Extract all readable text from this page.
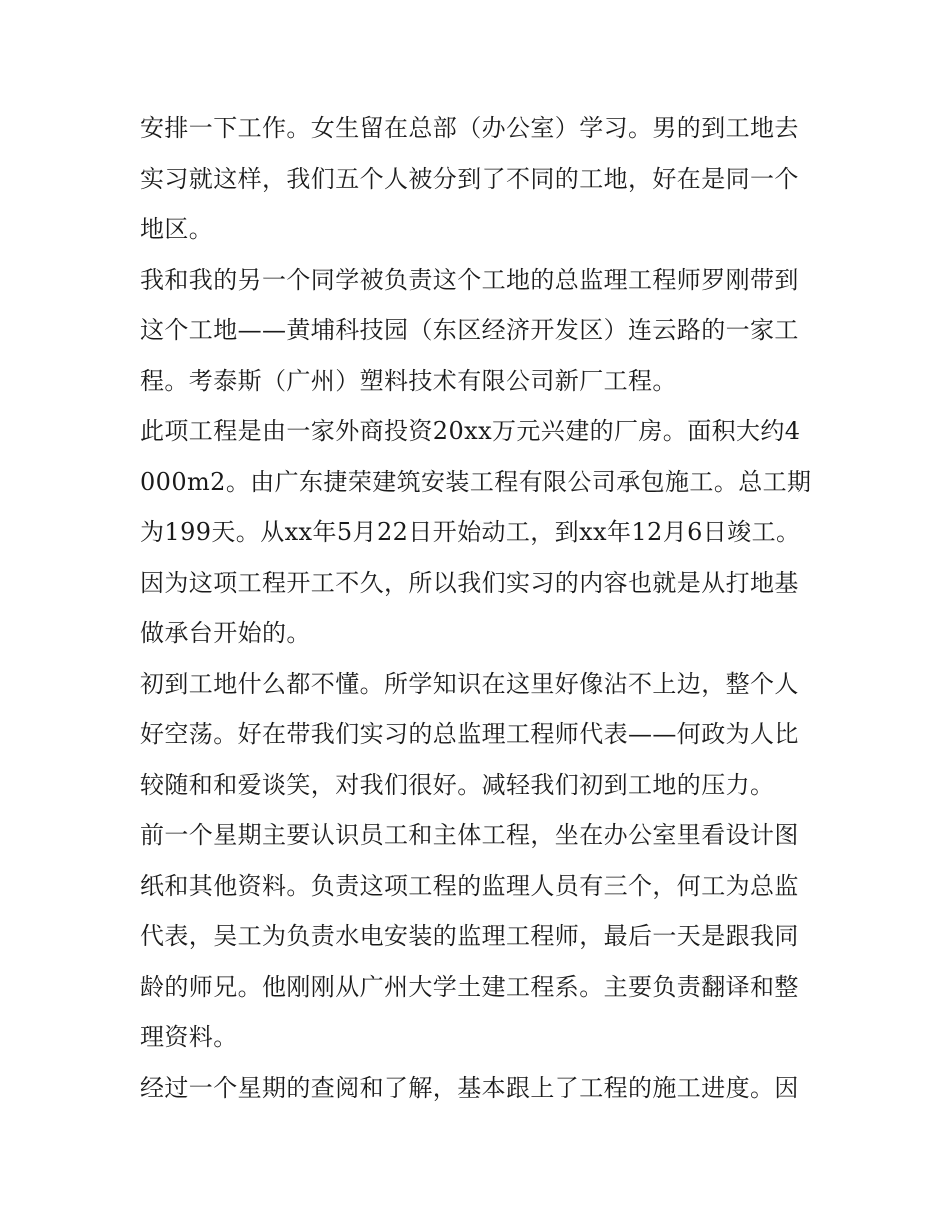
安排一下工作。女生留在总部（办公室）学习。男的到工地去实习就这样，我们五个人被分到了不同的工地，好在是同一个地区。

我和我的另一个同学被负责这个工地的总监理工程师罗刚带到这个工地——黄埔科技园（东区经济开发区）连云路的一家工程。考泰斯（广州）塑料技术有限公司新厂工程。

此项工程是由一家外商投资20xx万元兴建的厂房。面积大约4000m2。由广东捷荣建筑安装工程有限公司承包施工。总工期为199天。从xx年5月22日开始动工，到xx年12月6日竣工。因为这项工程开工不久，所以我们实习的内容也就是从打地基做承台开始的。

初到工地什么都不懂。所学知识在这里好像沾不上边，整个人好空荡。好在带我们实习的总监理工程师代表——何政为人比较随和和爱谈笑，对我们很好。减轻我们初到工地的压力。

前一个星期主要认识员工和主体工程，坐在办公室里看设计图纸和其他资料。负责这项工程的监理人员有三个，何工为总监代表，吴工为负责水电安装的监理工程师，最后一天是跟我同龄的师兄。他刚刚从广州大学土建工程系。主要负责翻译和整理资料。

经过一个星期的查阅和了解，基本跟上了工程的施工进度。因
